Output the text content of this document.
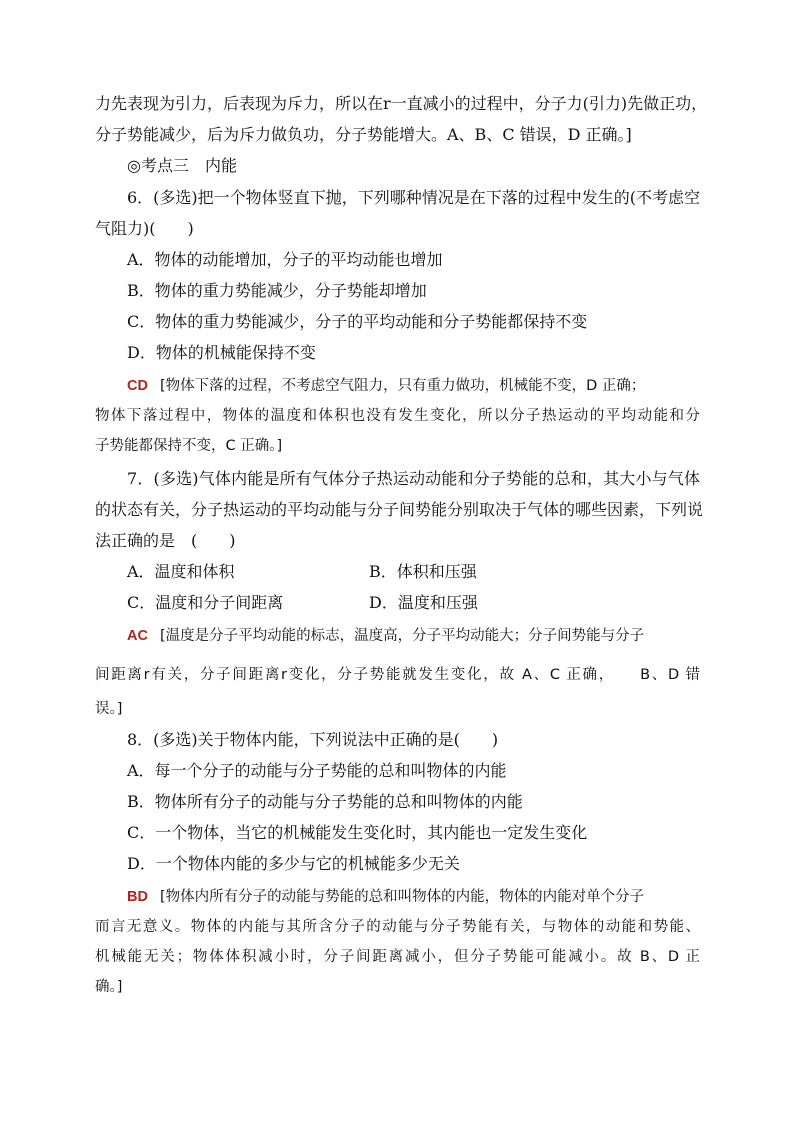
力先表现为引力，后表现为斥力，所以在r一直减小的过程中，分子力(引力)先做正功，
分子势能减少，后为斥力做负功，分子势能增大。A、B、C 错误，D 正确。]
◎考点三　内能
6．(多选)把一个物体竖直下抛，下列哪种情况是在下落的过程中发生的(不考虑空
气阻力)(　　)
A．物体的动能增加，分子的平均动能也增加
B．物体的重力势能减少，分子势能却增加
C．物体的重力势能减少，分子的平均动能和分子势能都保持不变
D．物体的机械能保持不变
CD [物体下落的过程，不考虑空气阻力，只有重力做功，机械能不变，D 正确；
物体下落过程中，物体的温度和体积也没有发生变化，所以分子热运动的平均动能和分
子势能都保持不变，C 正确。]
7．(多选)气体内能是所有气体分子热运动动能和分子势能的总和，其大小与气体
的状态有关，分子热运动的平均动能与分子间势能分别取决于气体的哪些因素，下列说
法正确的是　(　　)
A．温度和体积	B．体积和压强
C．温度和分子间距离	D．温度和压强
AC [温度是分子平均动能的标志，温度高，分子平均动能大；分子间势能与分子
间距离r有关，分子间距离r变化，分子势能就发生变化，故 A、C 正确，　　B、D 错
误。]
8．(多选)关于物体内能，下列说法中正确的是(　　)
A．每一个分子的动能与分子势能的总和叫物体的内能
B．物体所有分子的动能与分子势能的总和叫物体的内能
C．一个物体，当它的机械能发生变化时，其内能也一定发生变化
D．一个物体内能的多少与它的机械能多少无关
BD [物体内所有分子的动能与势能的总和叫物体的内能，物体的内能对单个分子
而言无意义。物体的内能与其所含分子的动能与分子势能有关，与物体的动能和势能、
机械能无关；物体体积减小时，分子间距离减小，但分子势能可能减小。故 B、D 正
确。]
